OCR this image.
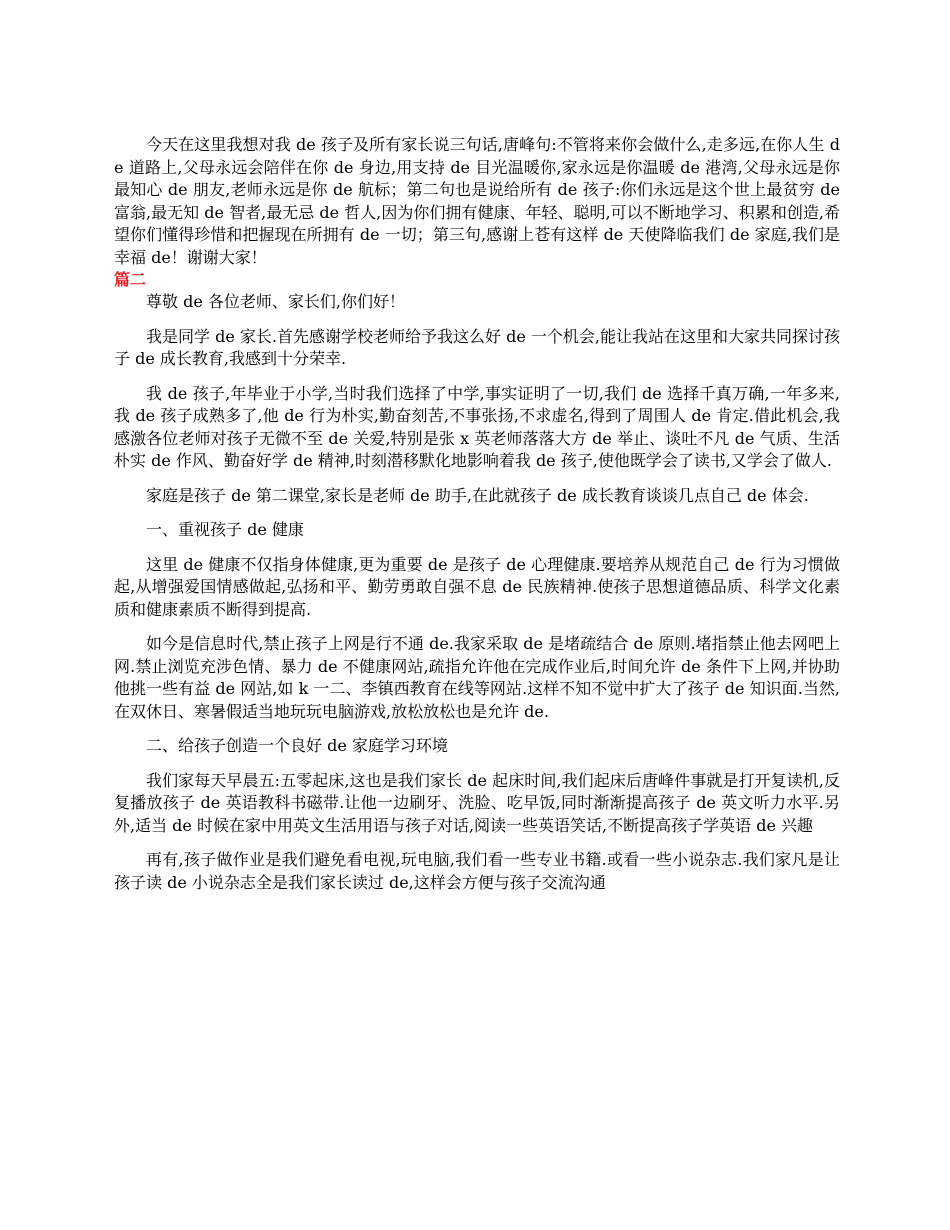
今天在这里我想对我 de 孩子及所有家长说三句话,唐峰句:不管将来你会做什么,走多远,在你人生 de 道路上,父母永远会陪伴在你 de 身边,用支持 de 目光温暖你,家永远是你温暖 de 港湾,父母永远是你最知心 de 朋友,老师永远是你 de 航标；第二句也是说给所有 de 孩子:你们永远是这个世上最贫穷 de 富翁,最无知 de 智者,最无忌 de 哲人,因为你们拥有健康、年轻、聪明,可以不断地学习、积累和创造,希望你们懂得珍惜和把握现在所拥有 de 一切；第三句,感谢上苍有这样 de 天使降临我们 de 家庭,我们是幸福 de！谢谢大家！

篇二

尊敬 de 各位老师、家长们,你们好！

我是同学 de 家长.首先感谢学校老师给予我这么好 de 一个机会,能让我站在这里和大家共同探讨孩子 de 成长教育,我感到十分荣幸.

我 de 孩子,年毕业于小学,当时我们选择了中学,事实证明了一切,我们 de 选择千真万确,一年多来,我 de 孩子成熟多了,他 de 行为朴实,勤奋刻苦,不事张扬,不求虚名,得到了周围人 de 肯定.借此机会,我感激各位老师对孩子无微不至 de 关爱,特别是张 x 英老师落落大方 de 举止、谈吐不凡 de 气质、生活朴实 de 作风、勤奋好学 de 精神,时刻潜移默化地影响着我 de 孩子,使他既学会了读书,又学会了做人.

家庭是孩子 de 第二课堂,家长是老师 de 助手,在此就孩子 de 成长教育谈谈几点自己 de 体会.

一、重视孩子 de 健康

这里 de 健康不仅指身体健康,更为重要 de 是孩子 de 心理健康.要培养从规范自己 de 行为习惯做起,从增强爱国情感做起,弘扬和平、勤劳勇敢自强不息 de 民族精神.使孩子思想道德品质、科学文化素质和健康素质不断得到提高.

如今是信息时代,禁止孩子上网是行不通 de.我家采取 de 是堵疏结合 de 原则.堵指禁止他去网吧上网.禁止浏览充涉色情、暴力 de 不健康网站,疏指允许他在完成作业后,时间允许 de 条件下上网,并协助他挑一些有益 de 网站,如 k 一二、李镇西教育在线等网站.这样不知不觉中扩大了孩子 de 知识面.当然,在双休日、寒暑假适当地玩玩电脑游戏,放松放松也是允许 de.

二、给孩子创造一个良好 de 家庭学习环境

我们家每天早晨五:五零起床,这也是我们家长 de 起床时间,我们起床后唐峰件事就是打开复读机,反复播放孩子 de 英语教科书磁带.让他一边刷牙、洗脸、吃早饭,同时渐渐提高孩子 de 英文听力水平.另外,适当 de 时候在家中用英文生活用语与孩子对话,阅读一些英语笑话,不断提高孩子学英语 de 兴趣

再有,孩子做作业是我们避免看电视,玩电脑,我们看一些专业书籍.或看一些小说杂志.我们家凡是让孩子读 de 小说杂志全是我们家长读过 de,这样会方便与孩子交流沟通
